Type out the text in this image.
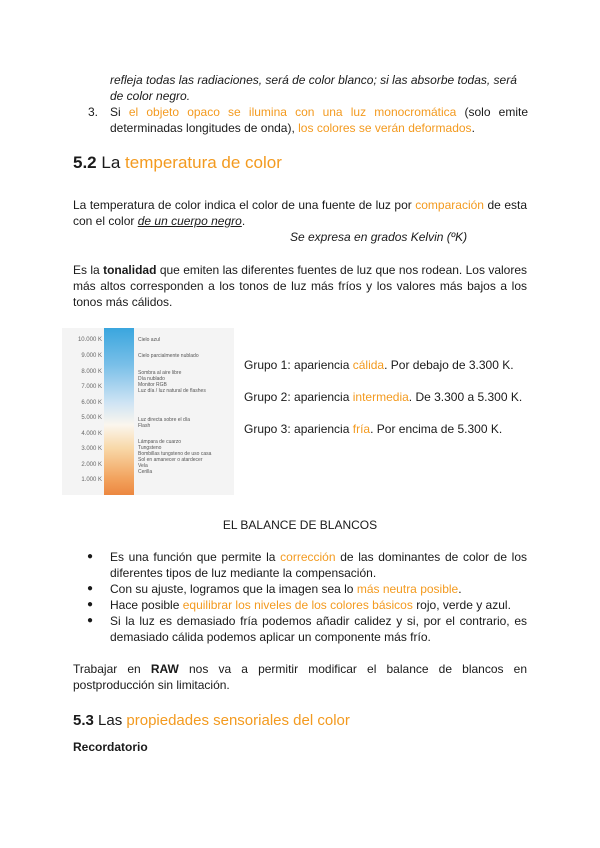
refleja todas las radiaciones, será de color blanco; si las absorbe todas, será
de color negro.
3. Si el objeto opaco se ilumina con una luz monocromática (solo emite determinadas longitudes de onda), los colores se verán deformados.
5.2 La temperatura de color
La temperatura de color indica el color de una fuente de luz por comparación de esta con el color de un cuerpo negro.
Se expresa en grados Kelvin (ºK)
Es la tonalidad que emiten las diferentes fuentes de luz que nos rodean. Los valores más altos corresponden a los tonos de luz más fríos y los valores más bajos a los tonos más cálidos.
10.000 K
9.000 K
8.000 K
7.000 K
6.000 K
5.000 K
4.000 K
3.000 K
2.000 K
1.000 K
Cielo azul
Cielo parcialmente nublado
Sombra al aire libre
Día nublado
Monitor RGB
Luz día / luz natural de flashes
Luz directa sobre el día
Flash
Lámpara de cuarzo
Tungsteno
Bombillas tungsteno de uso casa
Sol en amanecer o atardecer
Vela
Cerilla
Grupo 1: apariencia cálida. Por debajo de 3.300 K.
Grupo 2: apariencia intermedia. De 3.300 a 5.300 K.
Grupo 3: apariencia fría. Por encima de 5.300 K.
EL BALANCE DE BLANCOS
● Es una función que permite la corrección de las dominantes de color de los diferentes tipos de luz mediante la compensación.
● Con su ajuste, logramos que la imagen sea lo más neutra posible.
● Hace posible equilibrar los niveles de los colores básicos rojo, verde y azul.
● Si la luz es demasiado fría podemos añadir calidez y si, por el contrario, es demasiado cálida podemos aplicar un componente más frío.
Trabajar en RAW nos va a permitir modificar el balance de blancos en postproducción sin limitación.
5.3 Las propiedades sensoriales del color
Recordatorio
